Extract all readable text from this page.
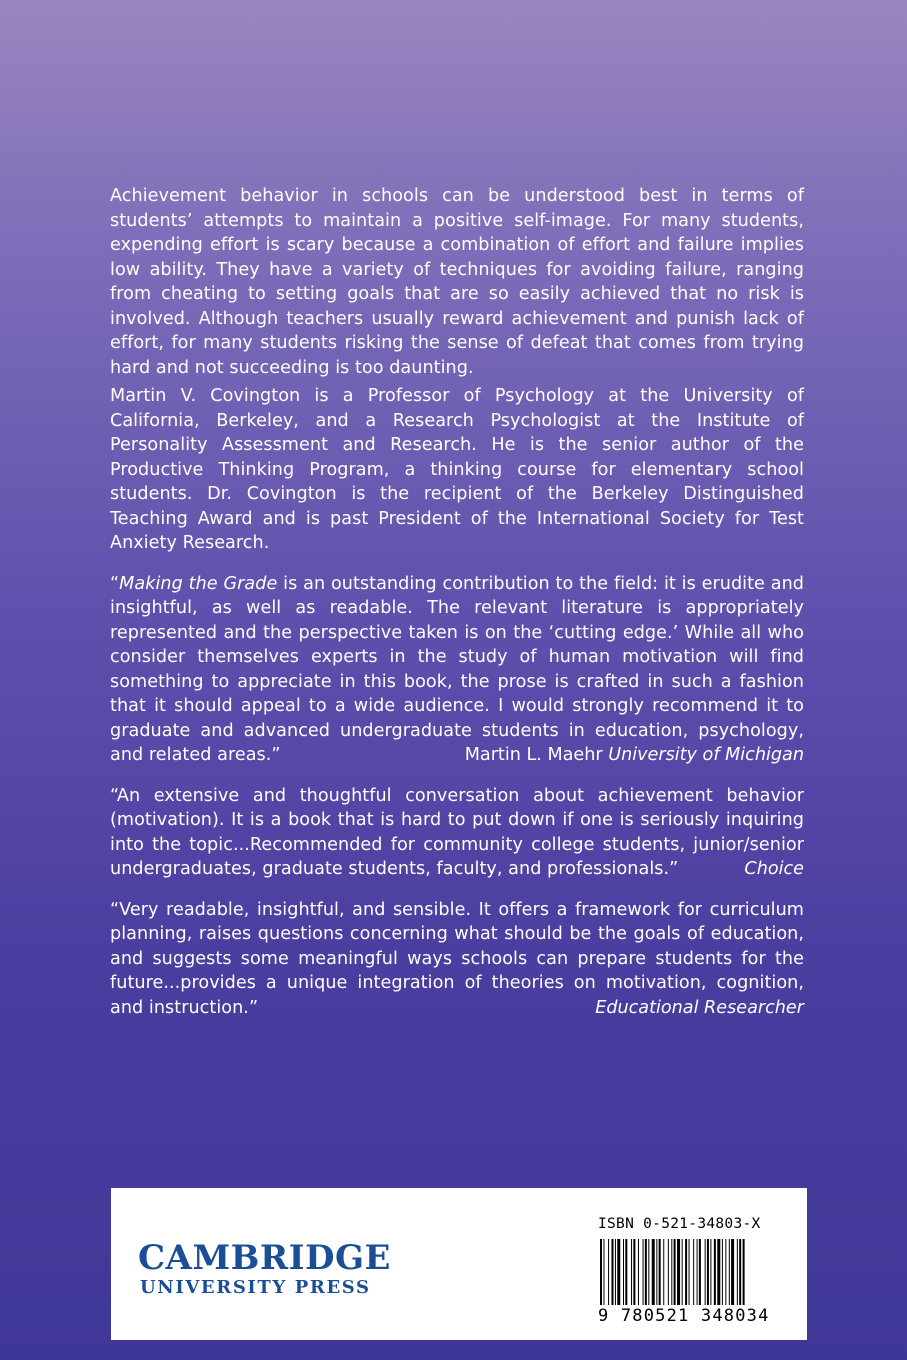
Achievement behavior in schools can be understood best in terms of students’ attempts to maintain a positive self-image. For many students, expending effort is scary because a combination of effort and failure implies low ability. They have a variety of techniques for avoiding failure, ranging from cheating to setting goals that are so easily achieved that no risk is involved. Although teachers usually reward achievement and punish lack of effort, for many students risking the sense of defeat that comes from trying hard and not succeeding is too daunting.

Martin V. Covington is a Professor of Psychology at the University of California, Berkeley, and a Research Psychologist at the Institute of Personality Assessment and Research. He is the senior author of the Productive Thinking Program, a thinking course for elementary school students. Dr. Covington is the recipient of the Berkeley Distinguished Teaching Award and is past President of the International Society for Test Anxiety Research.

“Making the Grade is an outstanding contribution to the field: it is erudite and insightful, as well as readable. The relevant literature is appropriately represented and the perspective taken is on the ‘cutting edge.’ While all who consider themselves experts in the study of human motivation will find something to appreciate in this book, the prose is crafted in such a fashion that it should appeal to a wide audience. I would strongly recommend it to graduate and advanced undergraduate students in education, psychology, and related areas.”	Martin L. Maehr University of Michigan

“An extensive and thoughtful conversation about achievement behavior (motivation). It is a book that is hard to put down if one is seriously inquiring into the topic...Recommended for community college students, junior/senior undergraduates, graduate students, faculty, and professionals.”	Choice

“Very readable, insightful, and sensible. It offers a framework for curriculum planning, raises questions concerning what should be the goals of education, and suggests some meaningful ways schools can prepare students for the future...provides a unique integration of theories on motivation, cognition, and instruction.”	Educational Researcher
CAMBRIDGE
UNIVERSITY PRESS
ISBN 0-521-34803-X
9 780521 348034
